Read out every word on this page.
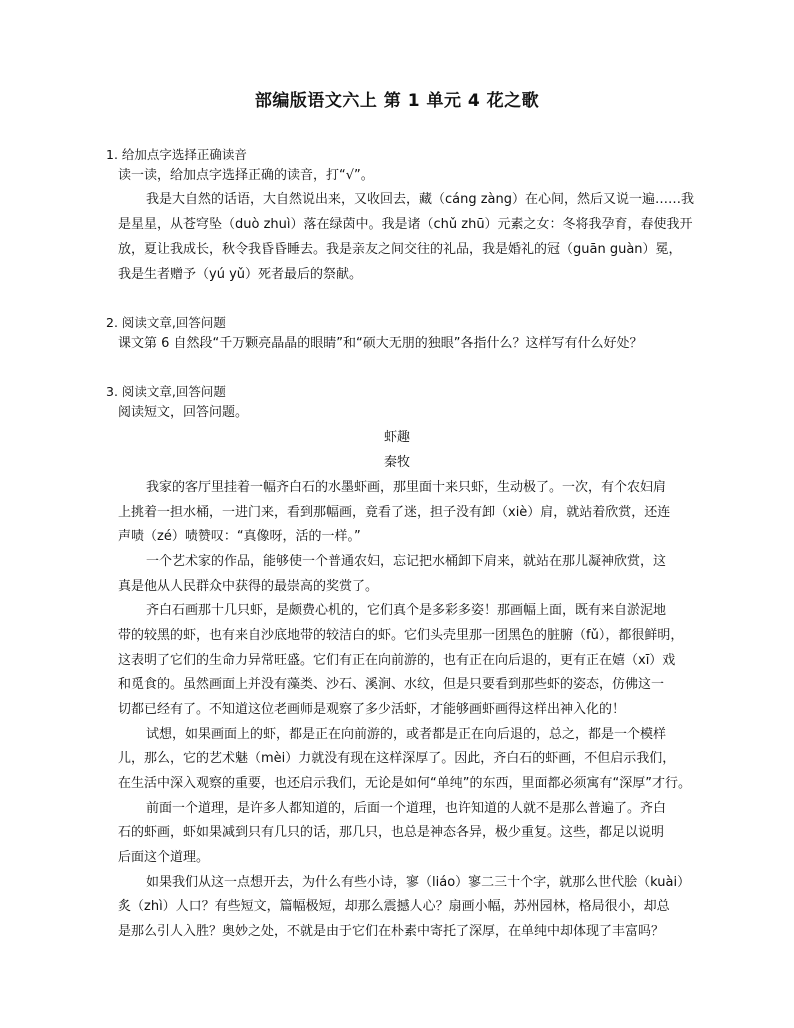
部编版语文六上 第 1 单元 4 花之歌
1. 给加点字选择正确读音
读一读，给加点字选择正确的读音，打“√”。
我是大自然的话语，大自然说出来，又收回去，藏（cáng zàng）在心间，然后又说一遍……我
是星星，从苍穹坠（duò zhuì）落在绿茵中。我是诸（chǔ zhū）元素之女：冬将我孕育，春使我开
放，夏让我成长，秋令我昏昏睡去。我是亲友之间交往的礼品，我是婚礼的冠（guān guàn）冕，
我是生者赠予（yú yǔ）死者最后的祭献。
2. 阅读文章,回答问题
课文第 6 自然段“千万颗亮晶晶的眼睛”和“硕大无朋的独眼”各指什么？这样写有什么好处？
3. 阅读文章,回答问题
阅读短文，回答问题。
虾趣
秦牧
我家的客厅里挂着一幅齐白石的水墨虾画，那里面十来只虾，生动极了。一次，有个农妇肩
上挑着一担水桶，一进门来，看到那幅画，竟看了迷，担子没有卸（xiè）肩，就站着欣赏，还连
声啧（zé）啧赞叹：“真像呀，活的一样。”
一个艺术家的作品，能够使一个普通农妇，忘记把水桶卸下肩来，就站在那儿凝神欣赏，这
真是他从人民群众中获得的最崇高的奖赏了。
齐白石画那十几只虾，是颇费心机的，它们真个是多彩多姿！那画幅上面，既有来自淤泥地
带的较黑的虾，也有来自沙底地带的较洁白的虾。它们头壳里那一团黑色的脏腑（fǔ），都很鲜明，
这表明了它们的生命力异常旺盛。它们有正在向前游的，也有正在向后退的，更有正在嬉（xī）戏
和觅食的。虽然画面上并没有藻类、沙石、溪涧、水纹，但是只要看到那些虾的姿态，仿佛这一
切都已经有了。不知道这位老画师是观察了多少活虾，才能够画虾画得这样出神入化的！
试想，如果画面上的虾，都是正在向前游的，或者都是正在向后退的，总之，都是一个模样
儿，那么，它的艺术魅（mèi）力就没有现在这样深厚了。因此，齐白石的虾画，不但启示我们，
在生活中深入观察的重要，也还启示我们，无论是如何“单纯”的东西，里面都必须寓有“深厚”才行。
前面一个道理，是许多人都知道的，后面一个道理，也许知道的人就不是那么普遍了。齐白
石的虾画，虾如果减到只有几只的话，那几只，也总是神态各异，极少重复。这些，都足以说明
后面这个道理。
如果我们从这一点想开去，为什么有些小诗，寥（liáo）寥二三十个字，就那么世代脍（kuài）
炙（zhì）人口？有些短文，篇幅极短，却那么震撼人心？扇画小幅，苏州园林，格局很小，却总
是那么引人入胜？奥妙之处，不就是由于它们在朴素中寄托了深厚，在单纯中却体现了丰富吗？
